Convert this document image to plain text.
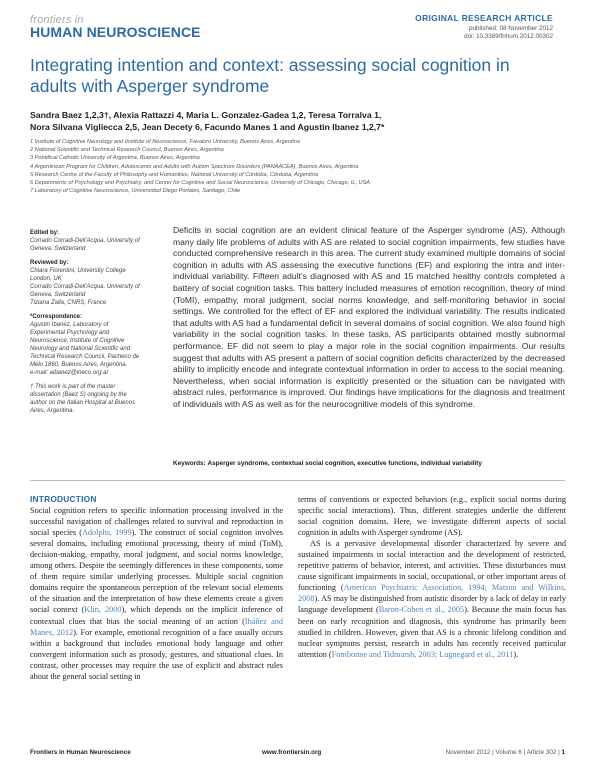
frontiers in
HUMAN NEUROSCIENCE
ORIGINAL RESEARCH ARTICLE
published: 08 November 2012
doi: 10.3389/fnhum.2012.00302
Integrating intention and context: assessing social cognition in adults with Asperger syndrome
Sandra Baez 1,2,3†, Alexia Rattazzi 4, Maria L. Gonzalez-Gadea 1,2, Teresa Torralva 1,
Nora Silvana Vigliecca 2,5, Jean Decety 6, Facundo Manes 1 and Agustin Ibanez 1,2,7*
1 Institute of Cognitive Neurology and Institute of Neuroscience, Favaloro University, Buenos Aires, Argentina
2 National Scientific and Technical Research Council, Buenos Aires, Argentina
3 Pontifical Catholic University of Argentina, Buenos Aires, Argentina
4 Argentinean Program for Children, Adolescents and Adults with Autism Spectrum Disorders (PANAACEA), Buenos Aires, Argentina
5 Research Centre of the Faculty of Philosophy and Humanities, National University of Córdoba, Córdoba, Argentina
6 Departments of Psychology and Psychiatry, and Center for Cognitive and Social Neuroscience, University of Chicago, Chicago, IL, USA
7 Laboratory of Cognitive Neuroscience, Universidad Diego Portales, Santiago, Chile
Edited by:
Corrado Corradi-Dell'Acqua, University of Geneva, Switzerland
Reviewed by:
Chiara Fiorentini, University College London, UK
Corrado Corradi-Dell'Acqua, University of Geneva, Switzerland
Tiziana Zalla, CNRS, France
*Correspondence:
Agustin Ibanez, Laboratory of Experimental Psychology and Neuroscience, Institute of Cognitive Neurology and National Scientific and Technical Research Council, Pacheco de Melo 1860, Buenos Aires, Argentina.
e-mail: aibanez@ineco.org.ar
† This work is part of the master dissertation (Baez S) ongoing by the author on the Italian Hospital at Buenos Aires, Argentina.
Deficits in social cognition are an evident clinical feature of the Asperger syndrome (AS). Although many daily life problems of adults with AS are related to social cognition impairments, few studies have conducted comprehensive research in this area. The current study examined multiple domains of social cognition in adults with AS assessing the executive functions (EF) and exploring the intra and inter-individual variability. Fifteen adult's diagnosed with AS and 15 matched healthy controls completed a battery of social cognition tasks. This battery included measures of emotion recognition, theory of mind (ToMI), empathy, moral judgment, social norms knowledge, and self-monitoring behavior in social settings. We controlled for the effect of EF and explored the individual variability. The results indicated that adults with AS had a fundamental deficit in several domains of social cognition. We also found high variability in the social cognition tasks. In these tasks, AS participants obtained mostly subnormal performance. EF did not seem to play a major role in the social cognition impairments. Our results suggest that adults with AS present a pattern of social cognition deficits characterized by the decreased ability to implicitly encode and integrate contextual information in order to access to the social meaning. Nevertheless, when social information is explicitly presented or the situation can be navigated with abstract rules, performance is improved. Our findings have implications for the diagnosis and treatment of individuals with AS as well as for the neurocognitive models of this syndrome.
Keywords: Asperger syndrome, contextual social cognition, executive functions, individual variability
INTRODUCTION
Social cognition refers to specific information processing involved in the successful navigation of challenges related to survival and reproduction in social species (Adolphs, 1999). The construct of social cognition involves several domains, including emotional processing, theory of mind (ToM), decision-making, empathy, moral judgment, and social norms knowledge, among others. Despite the seemingly differences in these components, some of them require similar underlying processes. Multiple social cognition domains require the spontaneous perception of the relevant social elements of the situation and the interpretation of how these elements create a given social context (Klin, 2000), which depends on the implicit inference of contextual clues that bias the social meaning of an action (Ibáñez and Manes, 2012). For example, emotional recognition of a face usually occurs within a background that includes emotional body language and other convergent information such as prosody, gestures, and situational clues. In contrast, other processes may require the use of explicit and abstract rules about the general social setting in
terms of conventions or expected behaviors (e.g., explicit social norms during specific social interactions). Thus, different strategies underlie the different social cognition domains. Here, we investigate different aspects of social cognition in adults with Asperger syndrome (AS).
AS is a pervasive developmental disorder characterized by severe and sustained impairments in social interaction and the development of restricted, repetitive patterns of behavior, interest, and activities. These disturbances must cause significant impairments in social, occupational, or other important areas of functioning (American Psychiatric Association, 1994; Matson and Wilkins, 2008). AS may be distinguished from autistic disorder by a lack of delay in early language development (Baron-Cohen et al., 2005). Because the main focus has been on early recognition and diagnosis, this syndrome has primarily been studied in children. However, given that AS is a chronic lifelong condition and nuclear symptoms persist, research in adults has recently received particular attention (Fombonne and Tidmarsh, 2003; Lugnegard et al., 2011).
Frontiers in Human Neuroscience	www.frontiersin.org	November 2012 | Volume 6 | Article 302 | 1
